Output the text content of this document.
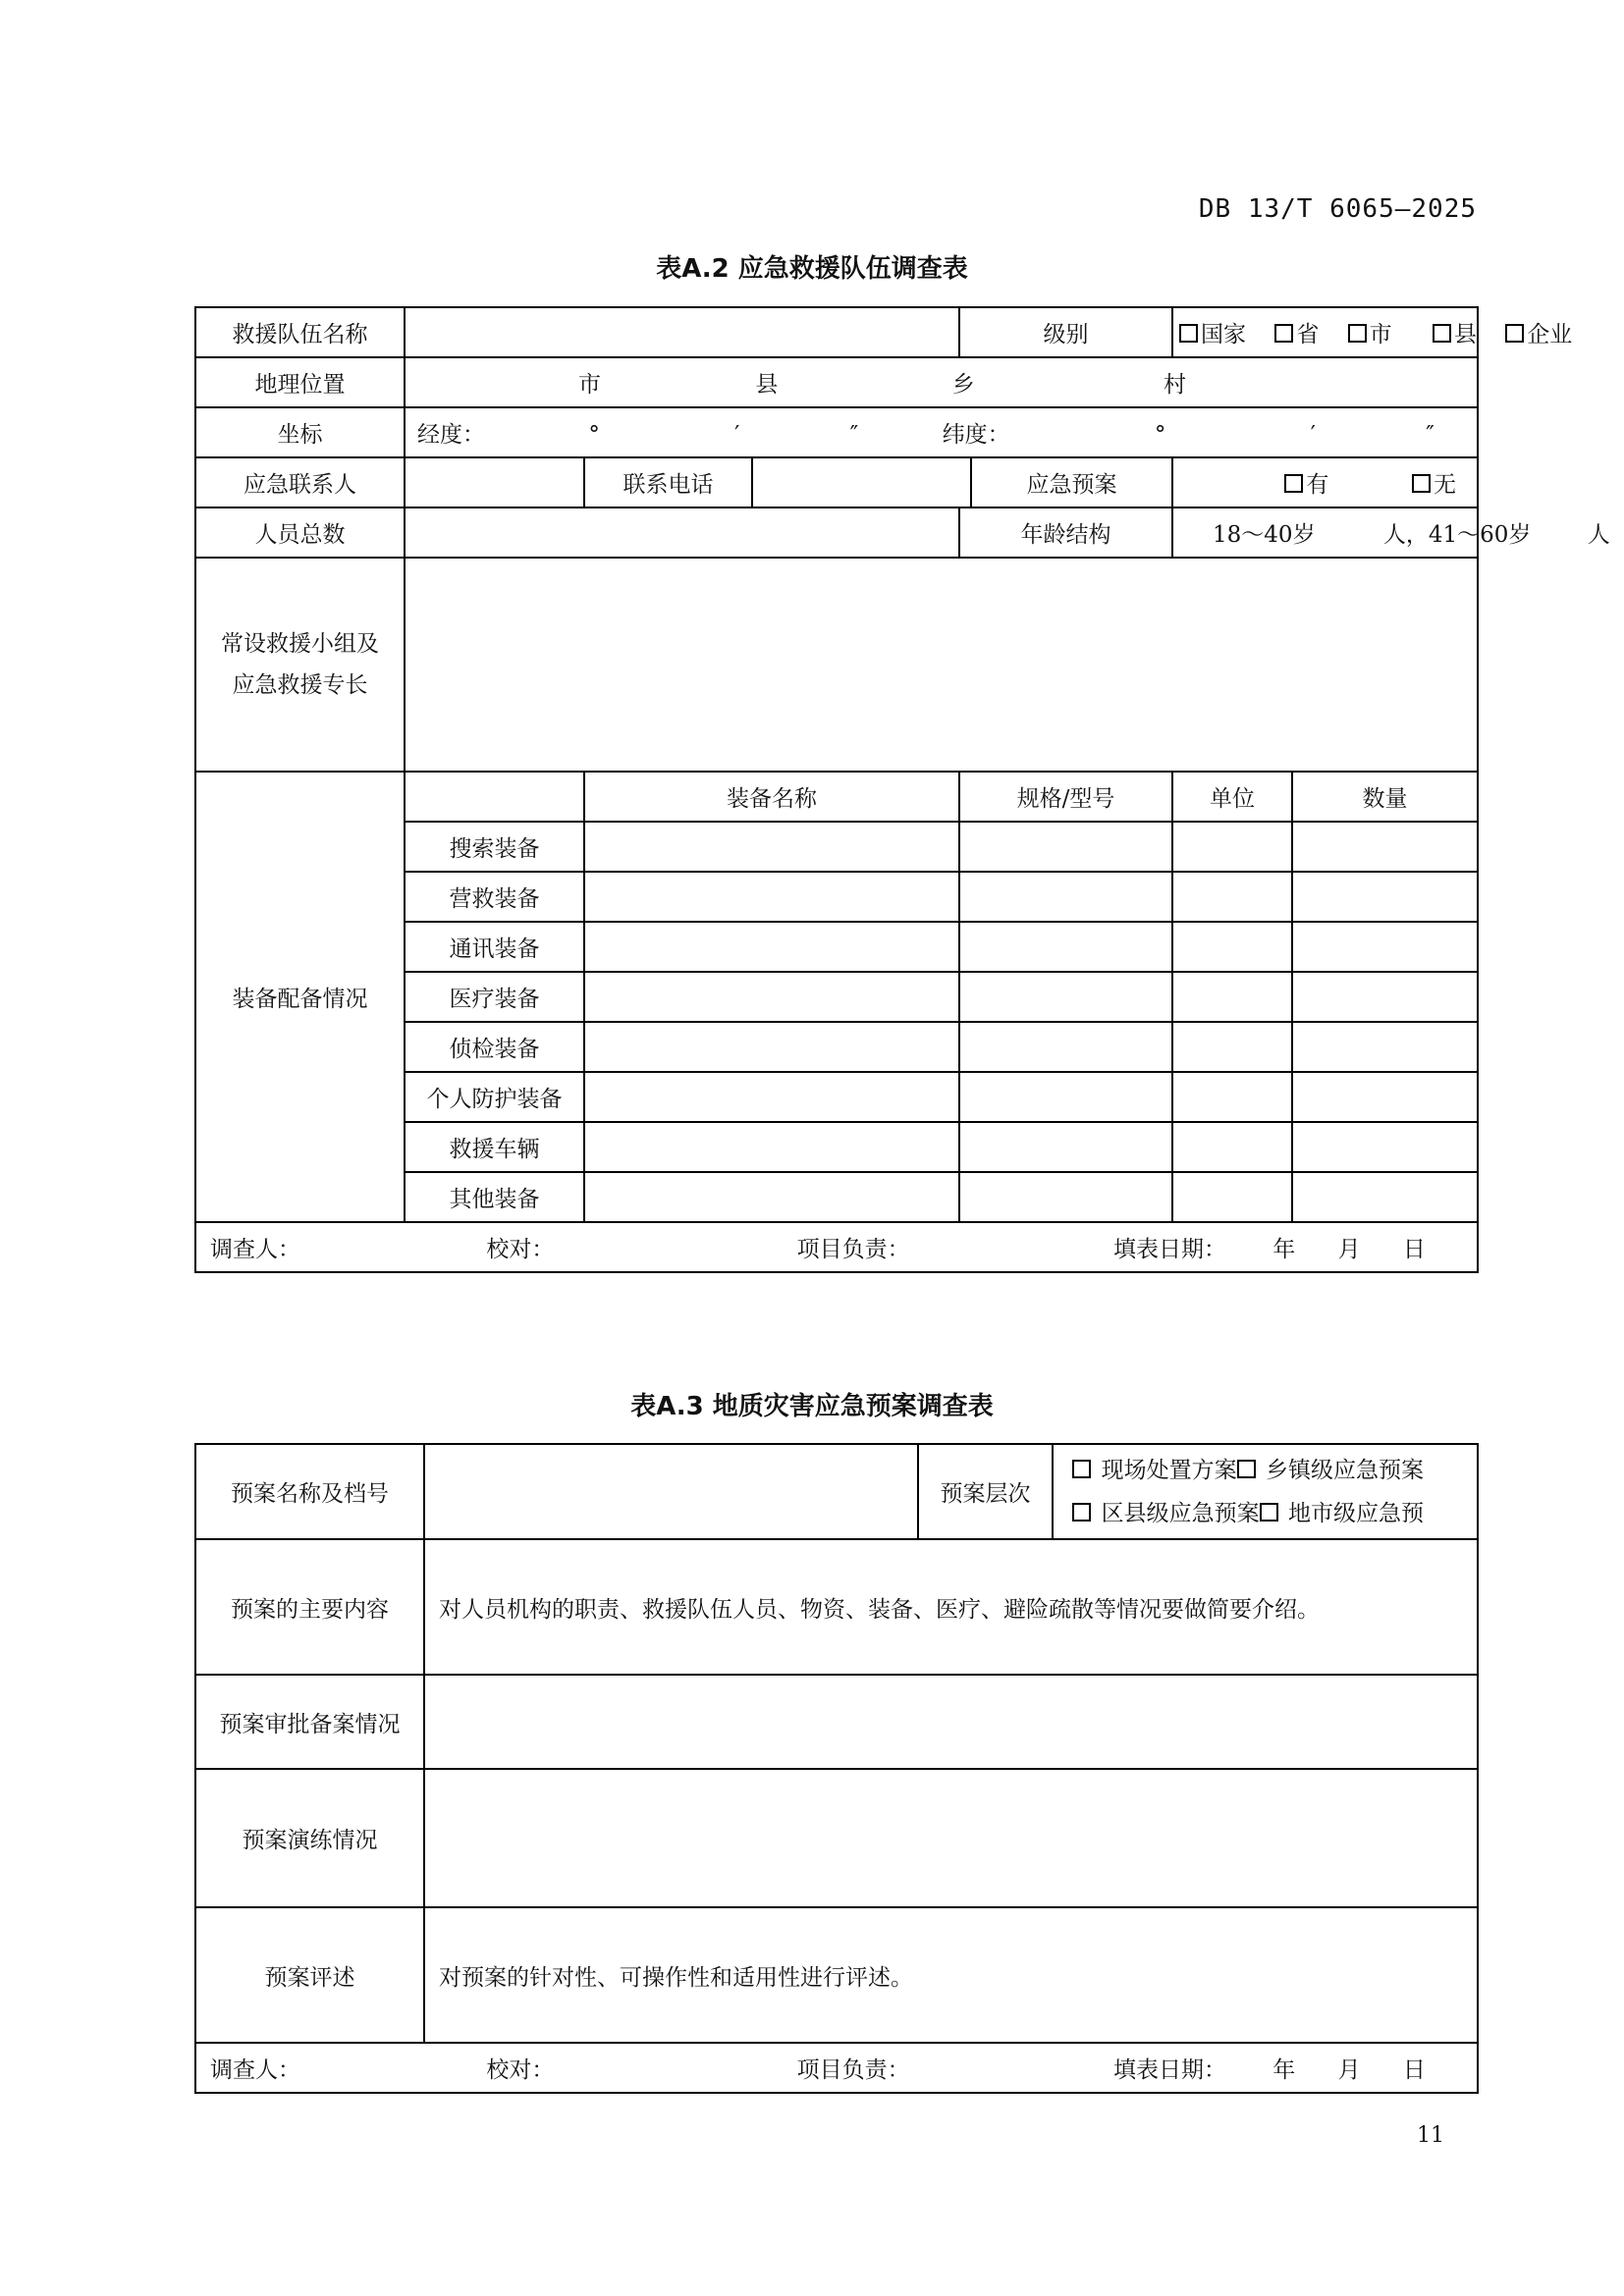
DB 13/T 6065—2025
表A.2 应急救援队伍调查表
救援队伍名称				级别	国家 省 市 县 企业	
地理位置	市 县 乡 村					
坐标	经度： ° ′ ″ 纬度： ° ′ ″					
应急联系人		联系电话	应急预案		有 无	
人员总数				年龄结构	18～40岁 人，41～60岁 人	

常设救援小组及
应急救援专长						

装备配备情况		装备名称		规格/型号	单位	数量
	搜索装备					
	营救装备					
	通讯装备					
	医疗装备					
	侦检装备					
	个人防护装备					
	救援车辆					
	其他装备					
调查人： 校对： 项目负责： 填表日期： 年 月 日						
表A.3 地质灾害应急预案调查表
预案名称及档号		预案层次	现场处置方案 乡镇级应急预案
区县级应急预案 地市级应急预

预案的主要内容	对人员机构的职责、救援队伍人员、物资、装备、医疗、避险疏散等情况要做简要介绍。		
预案审批备案情况			
预案演练情况			
预案评述	对预案的针对性、可操作性和适用性进行评述。		
调查人： 校对： 项目负责： 填表日期： 年 月 日			
11
